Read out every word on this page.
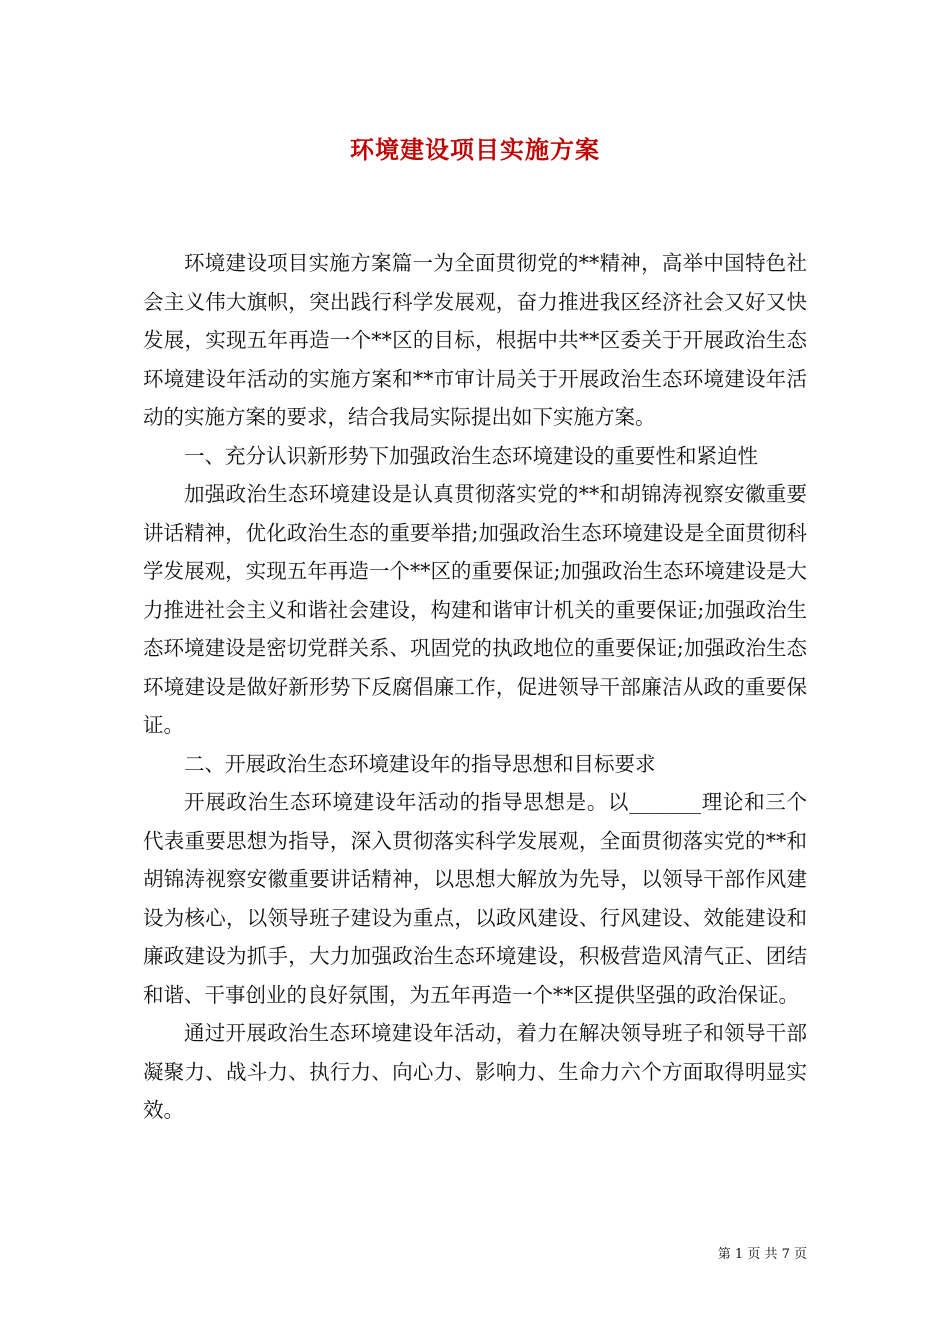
环境建设项目实施方案

环境建设项目实施方案篇一为全面贯彻党的**精神，高举中国特色社会主义伟大旗帜，突出践行科学发展观，奋力推进我区经济社会又好又快发展，实现五年再造一个**区的目标，根据中共**区委关于开展政治生态环境建设年活动的实施方案和**市审计局关于开展政治生态环境建设年活动的实施方案的要求，结合我局实际提出如下实施方案。

一、充分认识新形势下加强政治生态环境建设的重要性和紧迫性

加强政治生态环境建设是认真贯彻落实党的**和胡锦涛视察安徽重要讲话精神，优化政治生态的重要举措;加强政治生态环境建设是全面贯彻科学发展观，实现五年再造一个**区的重要保证;加强政治生态环境建设是大力推进社会主义和谐社会建设，构建和谐审计机关的重要保证;加强政治生态环境建设是密切党群关系、巩固党的执政地位的重要保证;加强政治生态环境建设是做好新形势下反腐倡廉工作，促进领导干部廉洁从政的重要保证。

二、开展政治生态环境建设年的指导思想和目标要求

开展政治生态环境建设年活动的指导思想是。以_______理论和三个代表重要思想为指导，深入贯彻落实科学发展观，全面贯彻落实党的**和胡锦涛视察安徽重要讲话精神，以思想大解放为先导，以领导干部作风建设为核心，以领导班子建设为重点，以政风建设、行风建设、效能建设和廉政建设为抓手，大力加强政治生态环境建设，积极营造风清气正、团结和谐、干事创业的良好氛围，为五年再造一个**区提供坚强的政治保证。

通过开展政治生态环境建设年活动，着力在解决领导班子和领导干部凝聚力、战斗力、执行力、向心力、影响力、生命力六个方面取得明显实效。

第 1 页 共 7 页
